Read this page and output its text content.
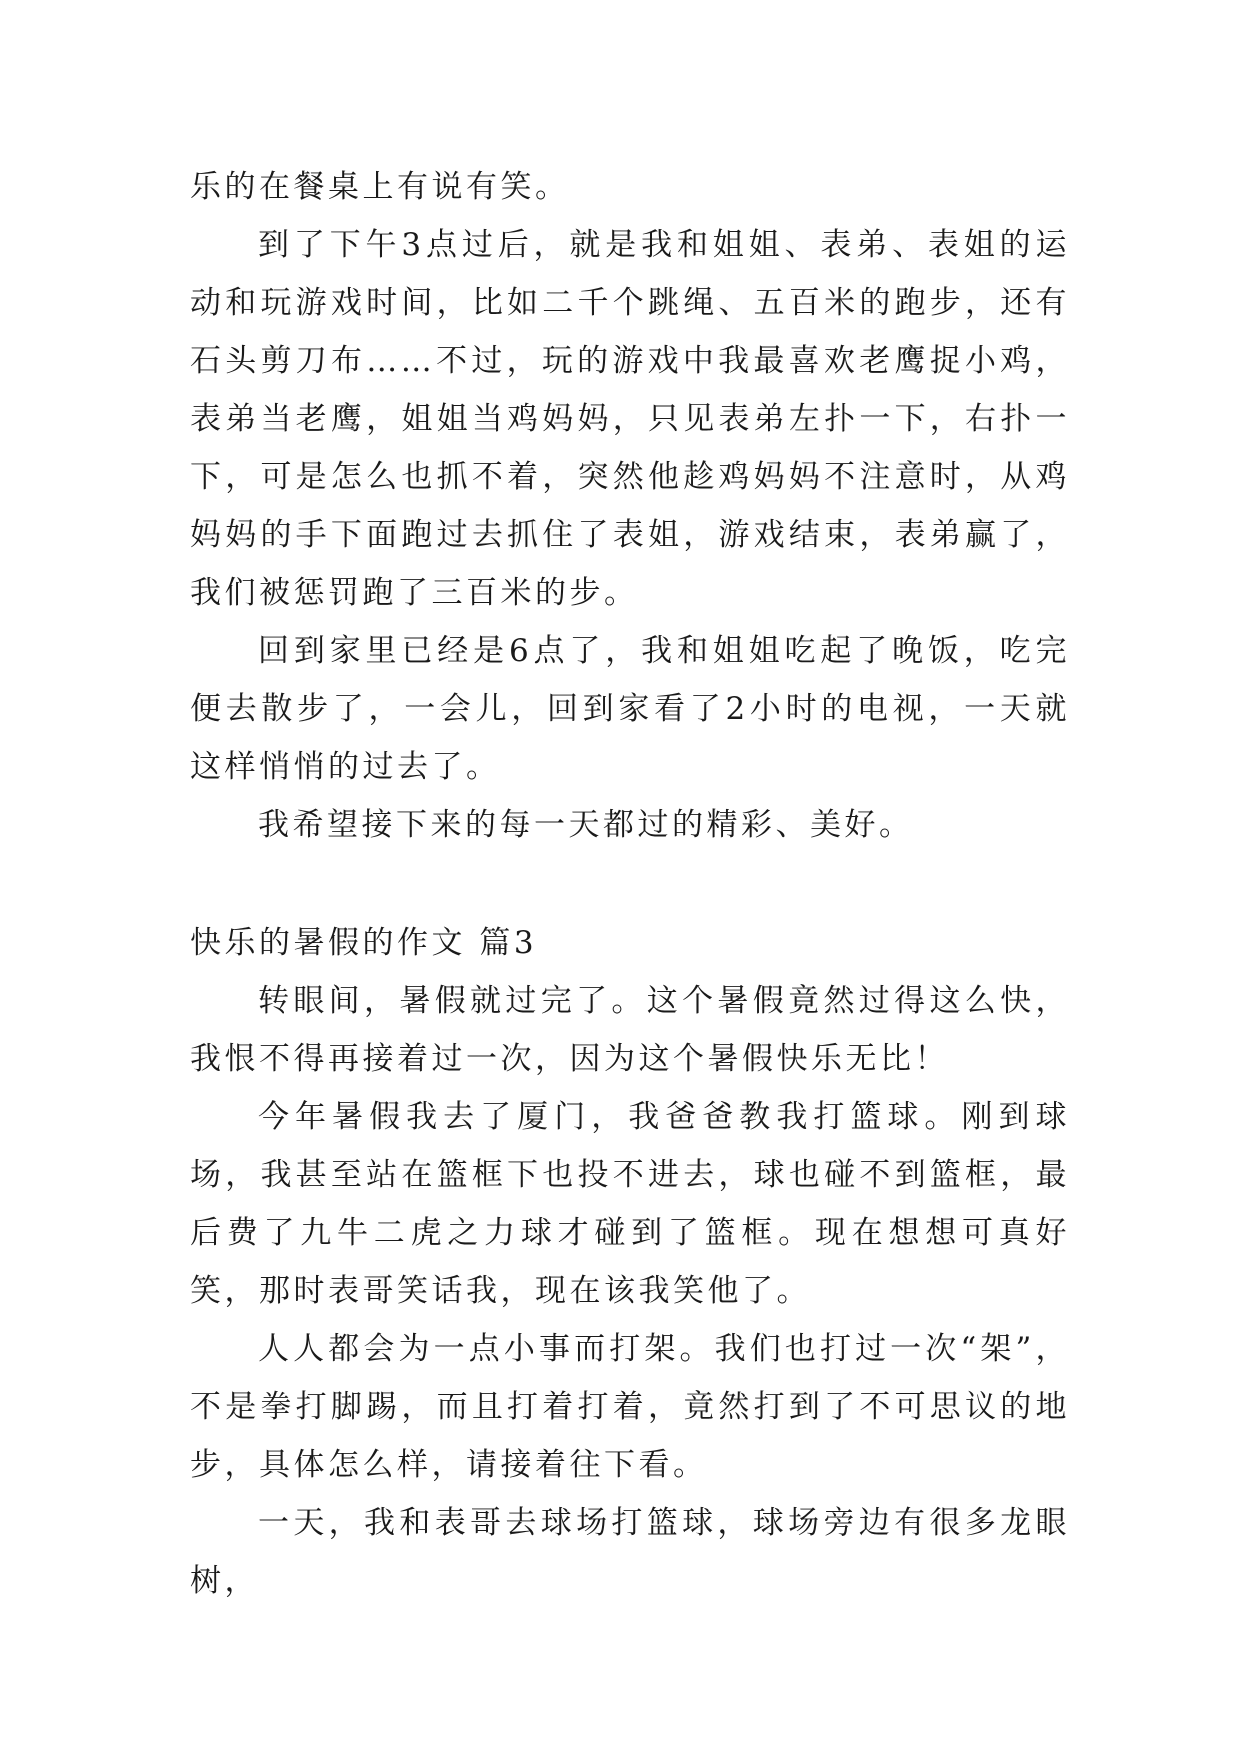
乐的在餐桌上有说有笑。

到了下午3点过后，就是我和姐姐、表弟、表姐的运动和玩游戏时间，比如二千个跳绳、五百米的跑步，还有石头剪刀布……不过，玩的游戏中我最喜欢老鹰捉小鸡，表弟当老鹰，姐姐当鸡妈妈，只见表弟左扑一下，右扑一下，可是怎么也抓不着，突然他趁鸡妈妈不注意时，从鸡妈妈的手下面跑过去抓住了表姐，游戏结束，表弟赢了，我们被惩罚跑了三百米的步。

回到家里已经是6点了，我和姐姐吃起了晚饭，吃完便去散步了，一会儿，回到家看了2小时的电视，一天就这样悄悄的过去了。

我希望接下来的每一天都过的精彩、美好。

快乐的暑假的作文 篇3

转眼间，暑假就过完了。这个暑假竟然过得这么快，我恨不得再接着过一次，因为这个暑假快乐无比！

今年暑假我去了厦门，我爸爸教我打篮球。刚到球场，我甚至站在篮框下也投不进去，球也碰不到篮框，最后费了九牛二虎之力球才碰到了篮框。现在想想可真好笑，那时表哥笑话我，现在该我笑他了。

人人都会为一点小事而打架。我们也打过一次“架”，不是拳打脚踢，而且打着打着，竟然打到了不可思议的地步，具体怎么样，请接着往下看。

一天，我和表哥去球场打篮球，球场旁边有很多龙眼树，
